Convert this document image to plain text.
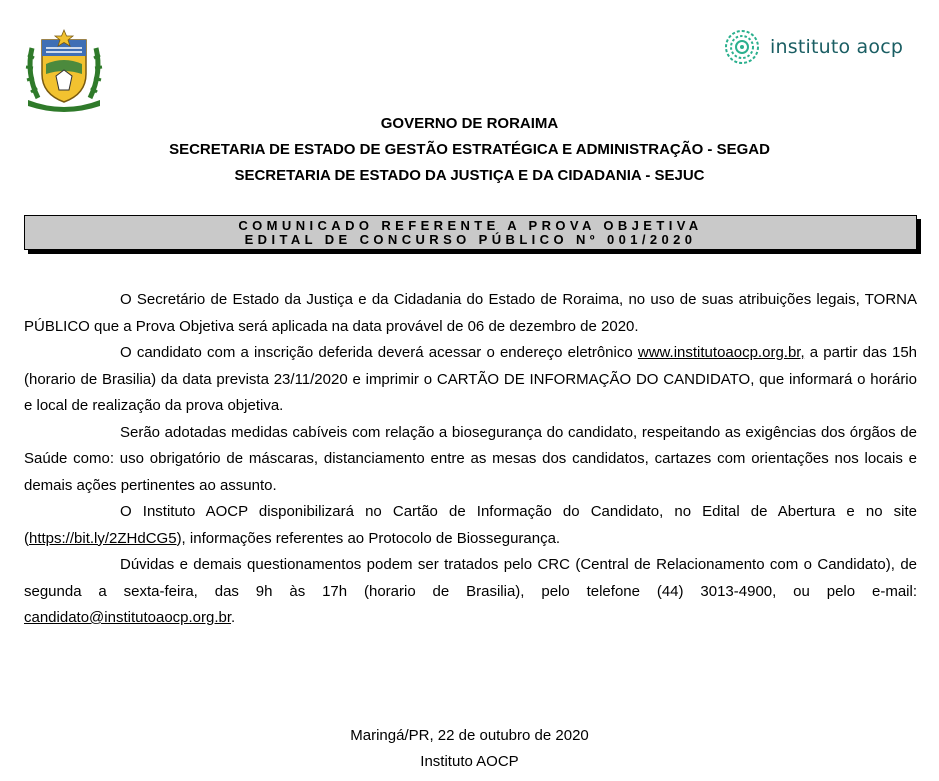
instituto aocp
GOVERNO DE RORAIMA
SECRETARIA DE ESTADO DE GESTÃO ESTRATÉGICA E ADMINISTRAÇÃO - SEGAD
SECRETARIA DE ESTADO DA JUSTIÇA E DA CIDADANIA - SEJUC
COMUNICADO REFERENTE A PROVA OBJETIVA
EDITAL DE CONCURSO PÚBLICO Nº 001/2020

O Secretário de Estado da Justiça e da Cidadania do Estado de Roraima, no uso de suas atribuições legais, TORNA PÚBLICO que a Prova Objetiva será aplicada na data provável de 06 de dezembro de 2020.

O candidato com a inscrição deferida deverá acessar o endereço eletrônico www.institutoaocp.org.br, a partir das 15h (horario de Brasilia) da data prevista 23/11/2020 e imprimir o CARTÃO DE INFORMAÇÃO DO CANDIDATO, que informará o horário e local de realização da prova objetiva.

Serão adotadas medidas cabíveis com relação a biosegurança do candidato, respeitando as exigências dos órgãos de Saúde como: uso obrigatório de máscaras, distanciamento entre as mesas dos candidatos, cartazes com orientações nos locais e demais ações pertinentes ao assunto.

O Instituto AOCP disponibilizará no Cartão de Informação do Candidato, no Edital de Abertura e no site (https://bit.ly/2ZHdCG5), informações referentes ao Protocolo de Biossegurança.

Dúvidas e demais questionamentos podem ser tratados pelo CRC (Central de Relacionamento com o Candidato), de segunda a sexta-feira, das 9h às 17h (horario de Brasilia), pelo telefone (44) 3013-4900, ou pelo e-mail: candidato@institutoaocp.org.br.

Maringá/PR, 22 de outubro de 2020
Instituto AOCP
